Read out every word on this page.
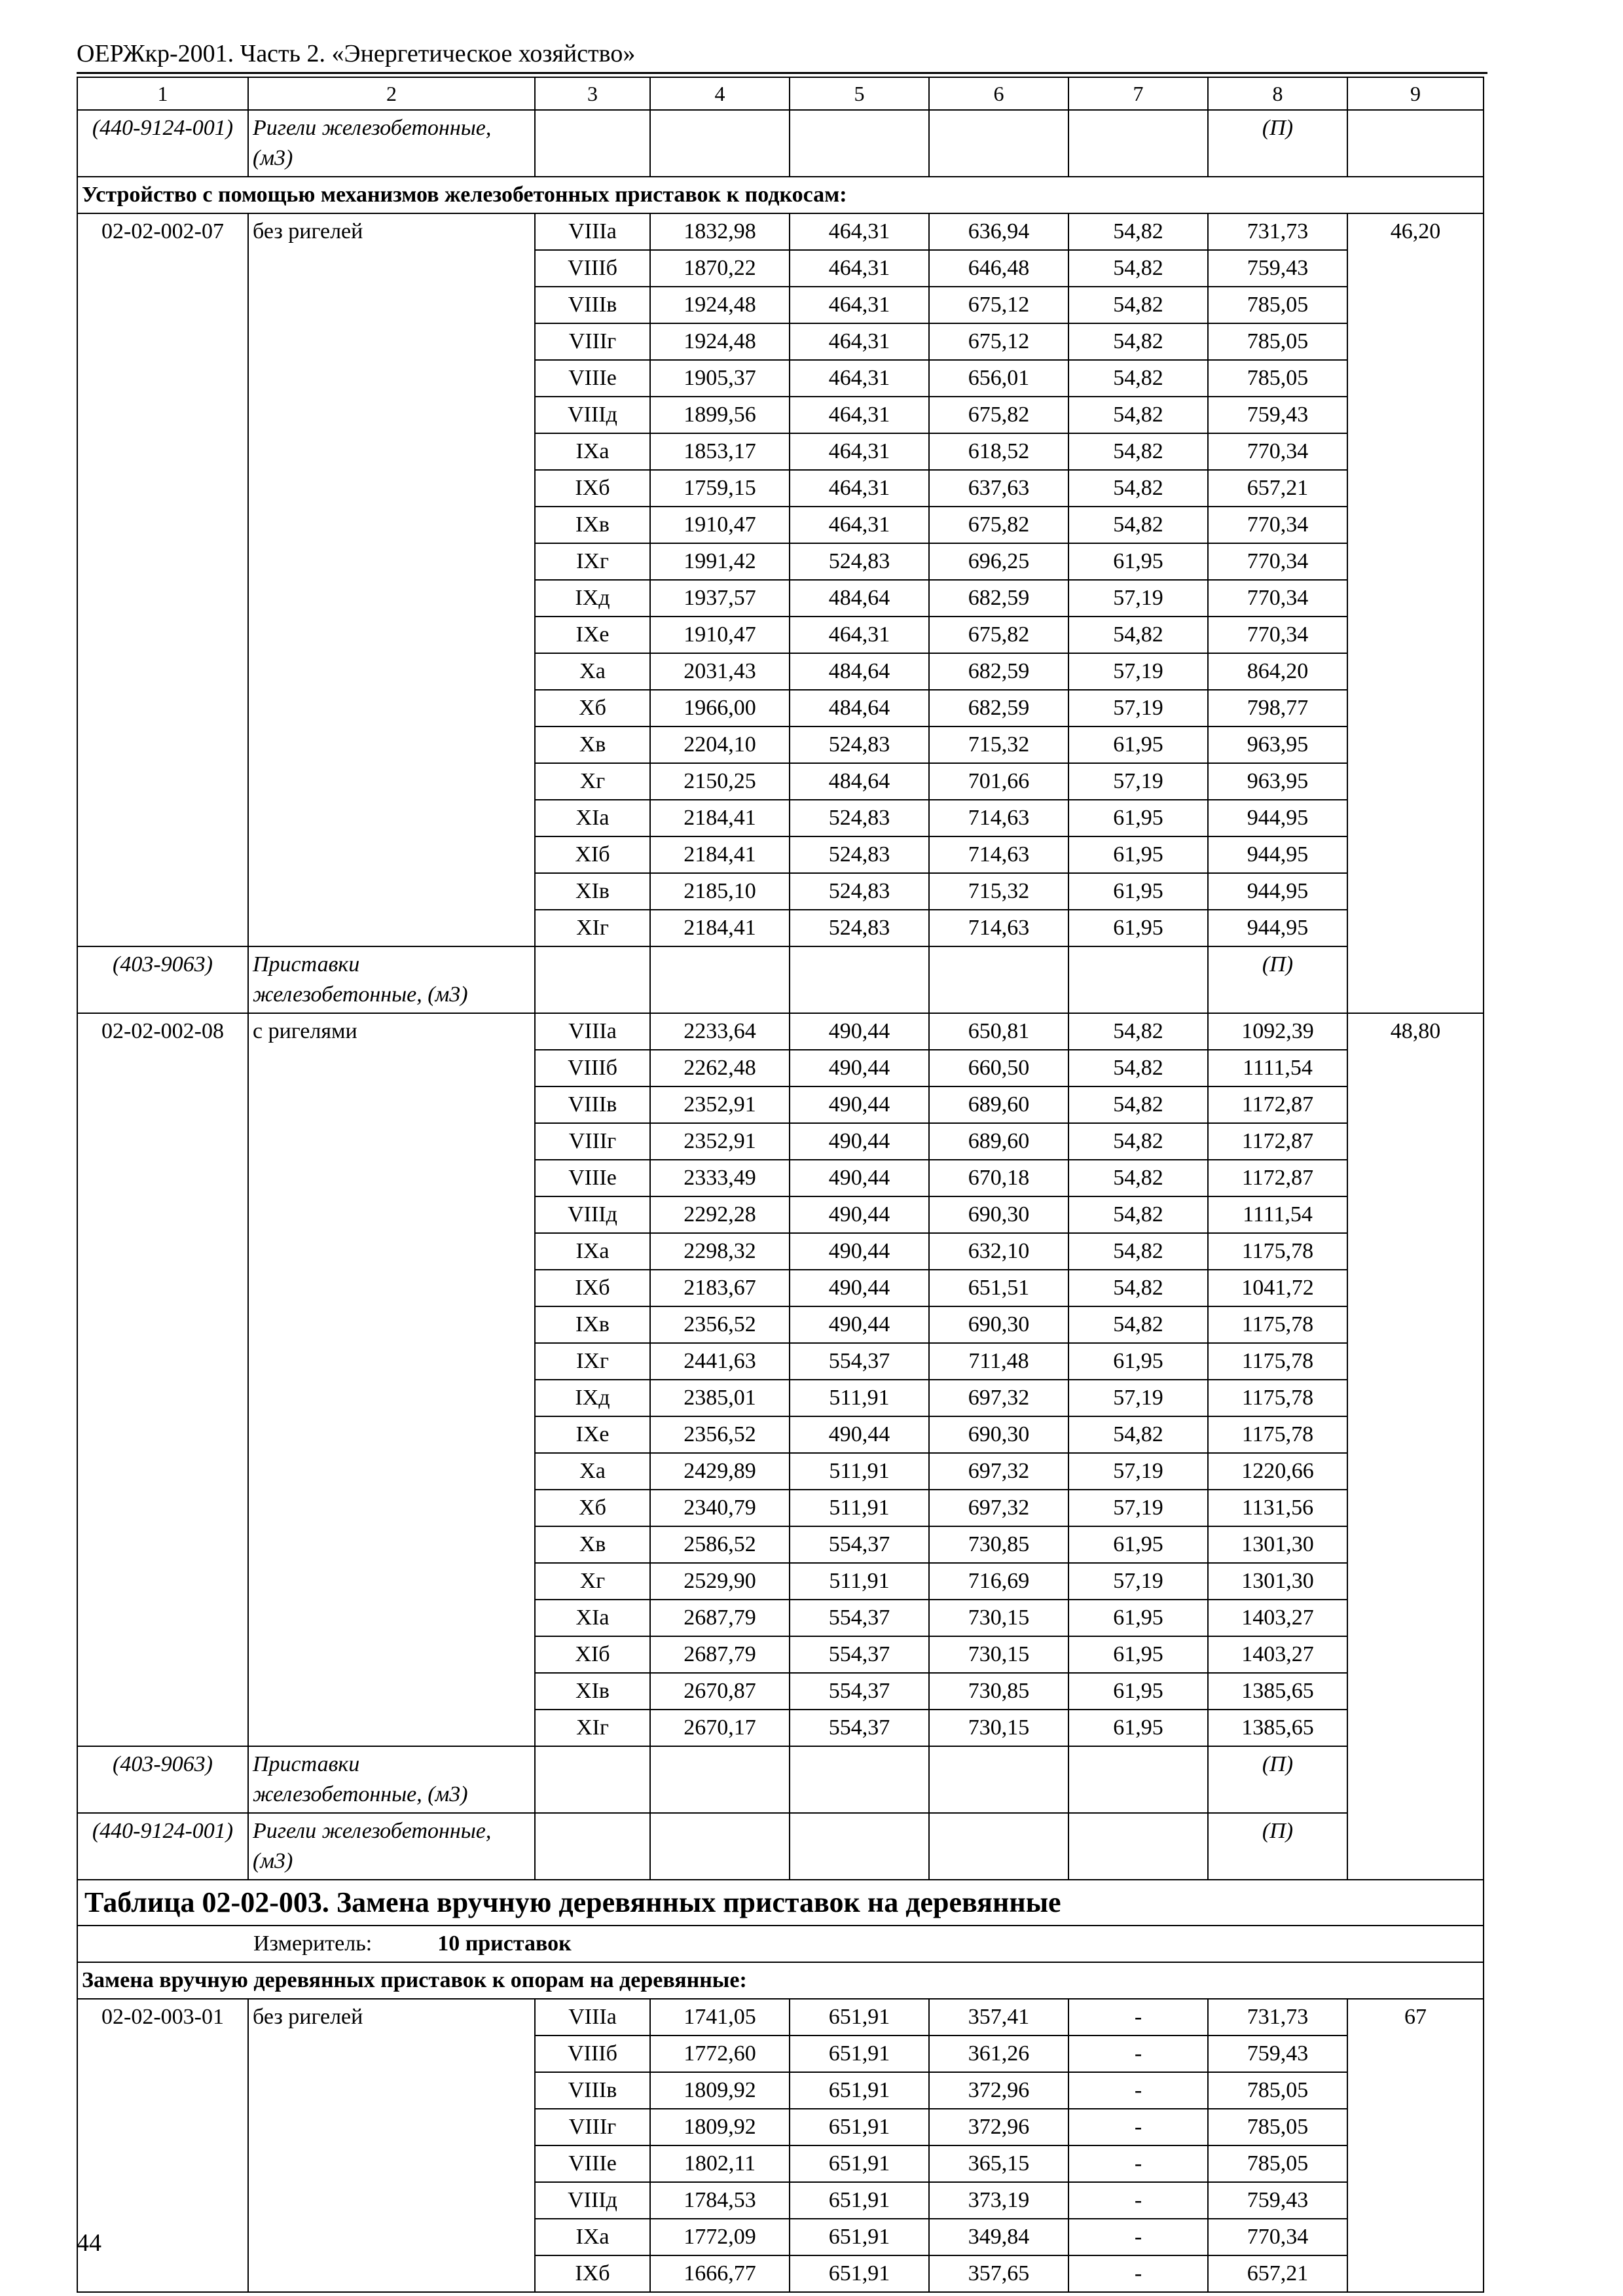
ОЕРЖкр-2001. Часть 2. «Энергетическое хозяйство»
1	2	3	4	5	6	7	8	9
(440-9124-001)	Ригели железобетонные, (м3)						(П)	
Устройство с помощью механизмов железобетонных приставок к подкосам:								
02-02-002-07	без ригелей	VIIIа	1832,98	464,31	636,94	54,82	731,73	46,20
		VIIIб	1870,22	464,31	646,48	54,82	759,43	
		VIIIв	1924,48	464,31	675,12	54,82	785,05	
		VIIIг	1924,48	464,31	675,12	54,82	785,05	
		VIIIе	1905,37	464,31	656,01	54,82	785,05	
		VIIIд	1899,56	464,31	675,82	54,82	759,43	
		IXа	1853,17	464,31	618,52	54,82	770,34	
		IXб	1759,15	464,31	637,63	54,82	657,21	
		IXв	1910,47	464,31	675,82	54,82	770,34	
		IXг	1991,42	524,83	696,25	61,95	770,34	
		IXд	1937,57	484,64	682,59	57,19	770,34	
		IXе	1910,47	464,31	675,82	54,82	770,34	
		Xа	2031,43	484,64	682,59	57,19	864,20	
		Xб	1966,00	484,64	682,59	57,19	798,77	
		Xв	2204,10	524,83	715,32	61,95	963,95	
		Xг	2150,25	484,64	701,66	57,19	963,95	
		XIа	2184,41	524,83	714,63	61,95	944,95	
		XIб	2184,41	524,83	714,63	61,95	944,95	
		XIв	2185,10	524,83	715,32	61,95	944,95	
		XIг	2184,41	524,83	714,63	61,95	944,95	
(403-9063)	Приставки железобетонные, (м3)						(П)	
02-02-002-08	с ригелями	VIIIа	2233,64	490,44	650,81	54,82	1092,39	48,80
		VIIIб	2262,48	490,44	660,50	54,82	1111,54	
		VIIIв	2352,91	490,44	689,60	54,82	1172,87	
		VIIIг	2352,91	490,44	689,60	54,82	1172,87	
		VIIIе	2333,49	490,44	670,18	54,82	1172,87	
		VIIIд	2292,28	490,44	690,30	54,82	1111,54	
		IXа	2298,32	490,44	632,10	54,82	1175,78	
		IXб	2183,67	490,44	651,51	54,82	1041,72	
		IXв	2356,52	490,44	690,30	54,82	1175,78	
		IXг	2441,63	554,37	711,48	61,95	1175,78	
		IXд	2385,01	511,91	697,32	57,19	1175,78	
		IXе	2356,52	490,44	690,30	54,82	1175,78	
		Xа	2429,89	511,91	697,32	57,19	1220,66	
		Xб	2340,79	511,91	697,32	57,19	1131,56	
		Xв	2586,52	554,37	730,85	61,95	1301,30	
		Xг	2529,90	511,91	716,69	57,19	1301,30	
		XIа	2687,79	554,37	730,15	61,95	1403,27	
		XIб	2687,79	554,37	730,15	61,95	1403,27	
		XIв	2670,87	554,37	730,85	61,95	1385,65	
		XIг	2670,17	554,37	730,15	61,95	1385,65	
(403-9063)	Приставки железобетонные, (м3)						(П)	
(440-9124-001)	Ригели железобетонные, (м3)						(П)	
Таблица 02-02-003. Замена вручную деревянных приставок на деревянные								
Измеритель: 10 приставок								
Замена вручную деревянных приставок к опорам на деревянные:								
02-02-003-01	без ригелей	VIIIа	1741,05	651,91	357,41	-	731,73	67
		VIIIб	1772,60	651,91	361,26	-	759,43	
		VIIIв	1809,92	651,91	372,96	-	785,05	
		VIIIг	1809,92	651,91	372,96	-	785,05	
		VIIIе	1802,11	651,91	365,15	-	785,05	
		VIIIд	1784,53	651,91	373,19	-	759,43	
		IXа	1772,09	651,91	349,84	-	770,34	
		IXб	1666,77	651,91	357,65	-	657,21	
44
